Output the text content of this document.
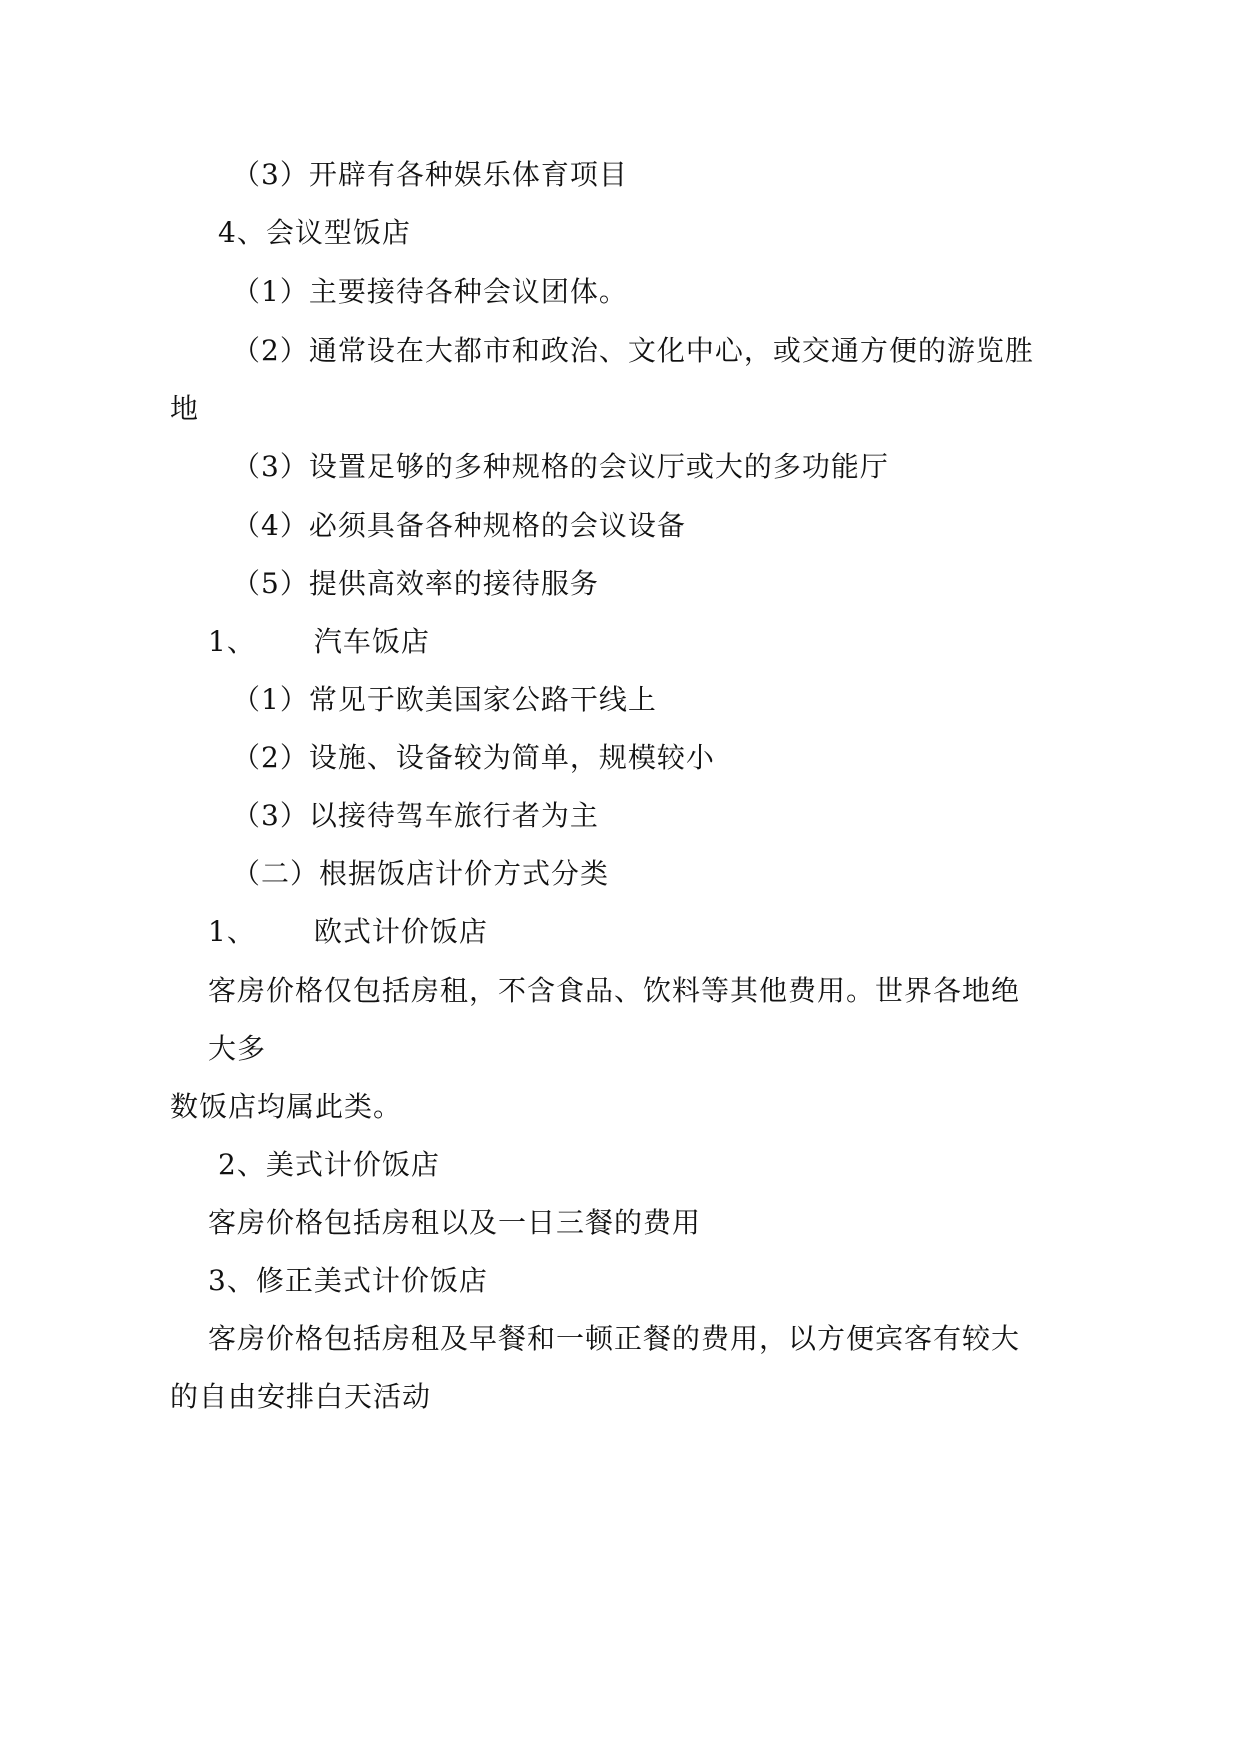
（3）开辟有各种娱乐体育项目
4、会议型饭店
（1）主要接待各种会议团体。
（2）通常设在大都市和政治、文化中心，或交通方便的游览胜
地
（3）设置足够的多种规格的会议厅或大的多功能厅
（4）必须具备各种规格的会议设备
（5）提供高效率的接待服务
1、 汽车饭店
（1）常见于欧美国家公路干线上
（2）设施、设备较为简单，规模较小
（3）以接待驾车旅行者为主
（二）根据饭店计价方式分类
1、 欧式计价饭店
客房价格仅包括房租，不含食品、饮料等其他费用。世界各地绝
大多
数饭店均属此类。
2、美式计价饭店
客房价格包括房租以及一日三餐的费用
3、修正美式计价饭店
客房价格包括房租及早餐和一顿正餐的费用，以方便宾客有较大
的自由安排白天活动
